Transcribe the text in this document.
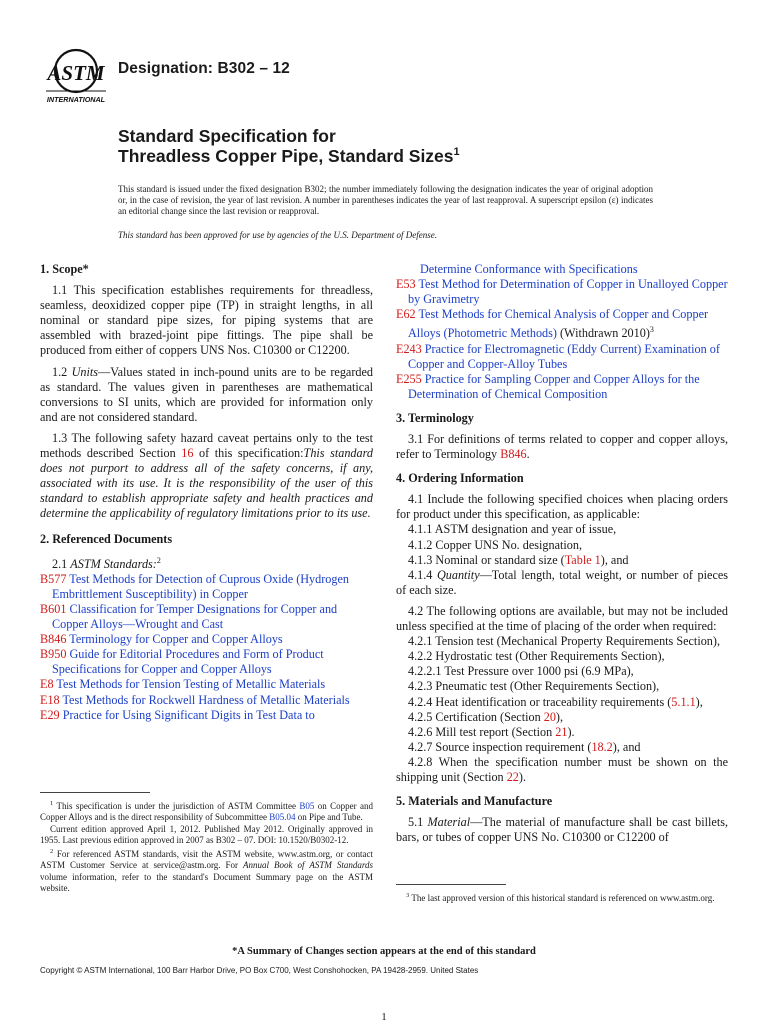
ASTM
INTERNATIONAL
Designation: B302 – 12
Standard Specification for
Threadless Copper Pipe, Standard Sizes$^1$
This standard is issued under the fixed designation B302; the number immediately following the designation indicates the year of original adoption or, in the case of revision, the year of last revision. A number in parentheses indicates the year of last reapproval. A superscript epsilon (ε) indicates an editorial change since the last revision or reapproval.
This standard has been approved for use by agencies of the U.S. Department of Defense.

1. Scope*

1.1 This specification establishes requirements for threadless, seamless, deoxidized copper pipe (TP) in straight lengths, in all nominal or standard pipe sizes, for piping systems that are assembled with brazed-joint pipe fittings. The pipe shall be produced from either of coppers UNS Nos. C10300 or C12200.

1.2 Units—Values stated in inch-pound units are to be regarded as standard. The values given in parentheses are mathematical conversions to SI units, which are provided for information only and are not considered standard.

1.3 The following safety hazard caveat pertains only to the test methods described Section 16 of this specification:This standard does not purport to address all of the safety concerns, if any, associated with its use. It is the responsibility of the user of this standard to establish appropriate safety and health practices and determine the applicability of regulatory limitations prior to its use.

2. Referenced Documents

2.1 ASTM Standards:$^2$

B577 Test Methods for Detection of Cuprous Oxide (Hydrogen Embrittlement Susceptibility) in Copper

B601 Classification for Temper Designations for Copper and Copper Alloys—Wrought and Cast

B846 Terminology for Copper and Copper Alloys

B950 Guide for Editorial Procedures and Form of Product Specifications for Copper and Copper Alloys

E8 Test Methods for Tension Testing of Metallic Materials

E18 Test Methods for Rockwell Hardness of Metallic Materials

E29 Practice for Using Significant Digits in Test Data to

Determine Conformance with Specifications

E53 Test Method for Determination of Copper in Unalloyed Copper by Gravimetry

E62 Test Methods for Chemical Analysis of Copper and Copper Alloys (Photometric Methods) (Withdrawn 2010)$^3$

E243 Practice for Electromagnetic (Eddy Current) Examination of Copper and Copper-Alloy Tubes

E255 Practice for Sampling Copper and Copper Alloys for the Determination of Chemical Composition

3. Terminology

3.1 For definitions of terms related to copper and copper alloys, refer to Terminology B846.

4. Ordering Information

4.1 Include the following specified choices when placing orders for product under this specification, as applicable:

4.1.1 ASTM designation and year of issue,

4.1.2 Copper UNS No. designation,

4.1.3 Nominal or standard size (Table 1), and

4.1.4 Quantity—Total length, total weight, or number of pieces of each size.

4.2 The following options are available, but may not be included unless specified at the time of placing of the order when required:

4.2.1 Tension test (Mechanical Property Requirements Section),

4.2.2 Hydrostatic test (Other Requirements Section),

4.2.2.1 Test Pressure over 1000 psi (6.9 MPa),

4.2.3 Pneumatic test (Other Requirements Section),

4.2.4 Heat identification or traceability requirements (5.1.1),

4.2.5 Certification (Section 20),

4.2.6 Mill test report (Section 21).

4.2.7 Source inspection requirement (18.2), and

4.2.8 When the specification number must be shown on the shipping unit (Section 22).

5. Materials and Manufacture

5.1 Material—The material of manufacture shall be cast billets, bars, or tubes of copper UNS No. C10300 or C12200 of

$^1$ This specification is under the jurisdiction of ASTM Committee B05 on Copper and Copper Alloys and is the direct responsibility of Subcommittee B05.04 on Pipe and Tube.

Current edition approved April 1, 2012. Published May 2012. Originally approved in 1955. Last previous edition approved in 2007 as B302 – 07. DOI: 10.1520/B0302-12.

$^2$ For referenced ASTM standards, visit the ASTM website, www.astm.org, or contact ASTM Customer Service at service@astm.org. For Annual Book of ASTM Standards volume information, refer to the standard's Document Summary page on the ASTM website.

$^3$ The last approved version of this historical standard is referenced on www.astm.org.

*A Summary of Changes section appears at the end of this standard
Copyright © ASTM International, 100 Barr Harbor Drive, PO Box C700, West Conshohocken, PA 19428-2959. United States
1
